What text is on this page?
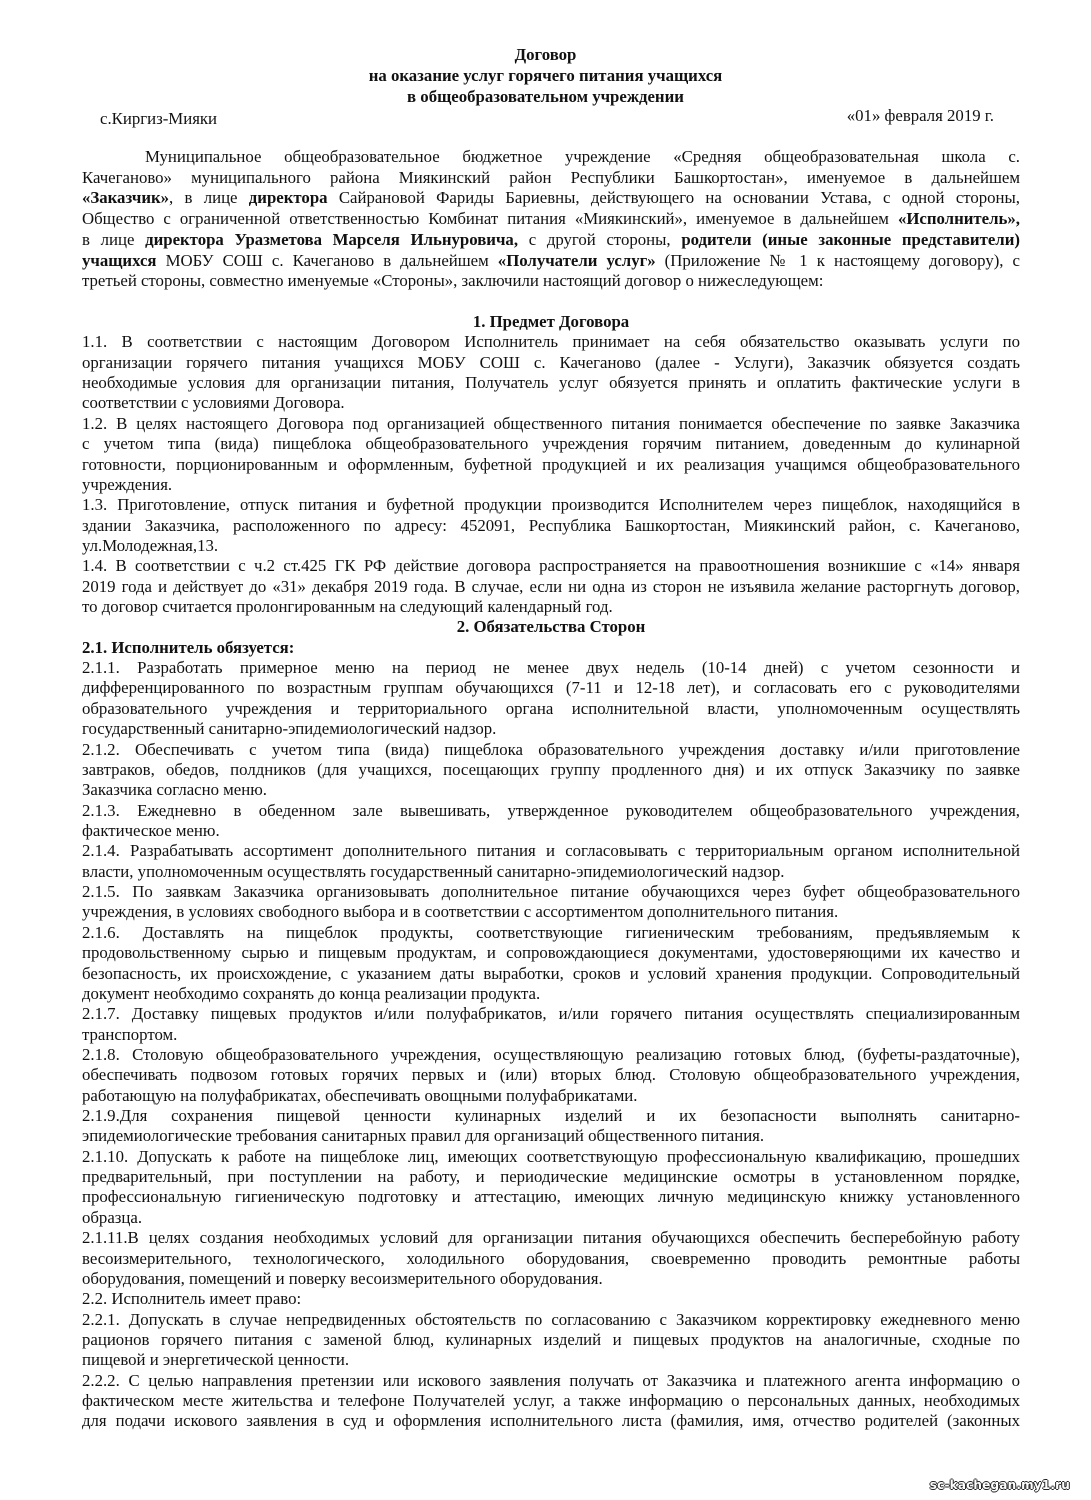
Договор
на оказание услуг горячего питания учащихся
в общеобразовательном учреждении
с.Киргиз-Мияки	«01» февраля 2019 г.
Муниципальное общеобразовательное бюджетное учреждение «Средняя общеобразовательная школа с.
Качеганово» муниципального района Миякинский район Республики Башкортостан», именуемое в дальнейшем
«Заказчик», в лице директора Сайрановой Фариды Бариевны, действующего на основании Устава, с одной стороны,
Общество с ограниченной ответственностью Комбинат питания «Миякинский», именуемое в дальнейшем «Исполнитель»,
в лице директора Уразметова Марселя Ильнуровича, с другой стороны, родители (иные законные представители)
учащихся МОБУ СОШ с. Качеганово в дальнейшем «Получатели услуг» (Приложение № 1 к настоящему договору), с
третьей стороны, совместно именуемые «Стороны», заключили настоящий договор о нижеследующем:
1. Предмет Договора
1.1. В соответствии с настоящим Договором Исполнитель принимает на себя обязательство оказывать услуги по
организации горячего питания учащихся МОБУ СОШ с. Качеганово (далее - Услуги), Заказчик обязуется создать
необходимые условия для организации питания, Получатель услуг обязуется принять и оплатить фактические услуги в
соответствии с условиями Договора.
1.2. В целях настоящего Договора под организацией общественного питания понимается обеспечение по заявке Заказчика
с учетом типа (вида) пищеблока общеобразовательного учреждения горячим питанием, доведенным до кулинарной
готовности, порционированным и оформленным, буфетной продукцией и их реализация учащимся общеобразовательного
учреждения.
1.3. Приготовление, отпуск питания и буфетной продукции производится Исполнителем через пищеблок, находящийся в
здании Заказчика, расположенного по адресу: 452091, Республика Башкортостан, Миякинский район, с. Качеганово,
ул.Молодежная,13.
1.4. В соответствии с ч.2 ст.425 ГК РФ действие договора распространяется на правоотношения возникшие с «14» января
2019 года и действует до «31» декабря 2019 года. В случае, если ни одна из сторон не изъявила желание расторгнуть договор,
то договор считается пролонгированным на следующий календарный год.
2. Обязательства Сторон
2.1. Исполнитель обязуется:
2.1.1. Разработать примерное меню на период не менее двух недель (10-14 дней) с учетом сезонности и
дифференцированного по возрастным группам обучающихся (7-11 и 12-18 лет), и согласовать его с руководителями
образовательного учреждения и территориального органа исполнительной власти, уполномоченным осуществлять
государственный санитарно-эпидемиологический надзор.
2.1.2. Обеспечивать с учетом типа (вида) пищеблока образовательного учреждения доставку и/или приготовление
завтраков, обедов, полдников (для учащихся, посещающих группу продленного дня) и их отпуск Заказчику по заявке
Заказчика согласно меню.
2.1.3. Ежедневно в обеденном зале вывешивать, утвержденное руководителем общеобразовательного учреждения,
фактическое меню.
2.1.4. Разрабатывать ассортимент дополнительного питания и согласовывать с территориальным органом исполнительной
власти, уполномоченным осуществлять государственный санитарно-эпидемиологический надзор.
2.1.5. По заявкам Заказчика организовывать дополнительное питание обучающихся через буфет общеобразовательного
учреждения, в условиях свободного выбора и в соответствии с ассортиментом дополнительного питания.
2.1.6. Доставлять на пищеблок продукты, соответствующие гигиеническим требованиям, предъявляемым к
продовольственному сырью и пищевым продуктам, и сопровождающиеся документами, удостоверяющими их качество и
безопасность, их происхождение, с указанием даты выработки, сроков и условий хранения продукции. Сопроводительный
документ необходимо сохранять до конца реализации продукта.
2.1.7. Доставку пищевых продуктов и/или полуфабрикатов, и/или горячего питания осуществлять специализированным
транспортом.
2.1.8. Столовую общеобразовательного учреждения, осуществляющую реализацию готовых блюд, (буфеты-раздаточные),
обеспечивать подвозом готовых горячих первых и (или) вторых блюд. Столовую общеобразовательного учреждения,
работающую на полуфабрикатах, обеспечивать овощными полуфабрикатами.
2.1.9.Для сохранения пищевой ценности кулинарных изделий и их безопасности выполнять санитарно-
эпидемиологические требования санитарных правил для организаций общественного питания.
2.1.10. Допускать к работе на пищеблоке лиц, имеющих соответствующую профессиональную квалификацию, прошедших
предварительный, при поступлении на работу, и периодические медицинские осмотры в установленном порядке,
профессиональную гигиеническую подготовку и аттестацию, имеющих личную медицинскую книжку установленного
образца.
2.1.11.В целях создания необходимых условий для организации питания обучающихся обеспечить бесперебойную работу
весоизмерительного, технологического, холодильного оборудования, своевременно проводить ремонтные работы
оборудования, помещений и поверку весоизмерительного оборудования.
2.2. Исполнитель имеет право:
2.2.1. Допускать в случае непредвиденных обстоятельств по согласованию с Заказчиком корректировку ежедневного меню
рационов горячего питания с заменой блюд, кулинарных изделий и пищевых продуктов на аналогичные, сходные по
пищевой и энергетической ценности.
2.2.2. С целью направления претензии или искового заявления получать от Заказчика и платежного агента информацию о
фактическом месте жительства и телефоне Получателей услуг, а также информацию о персональных данных, необходимых
для подачи искового заявления в суд и оформления исполнительного листа (фамилия, имя, отчество родителей (законных
sc-kachegan.my1.ru
